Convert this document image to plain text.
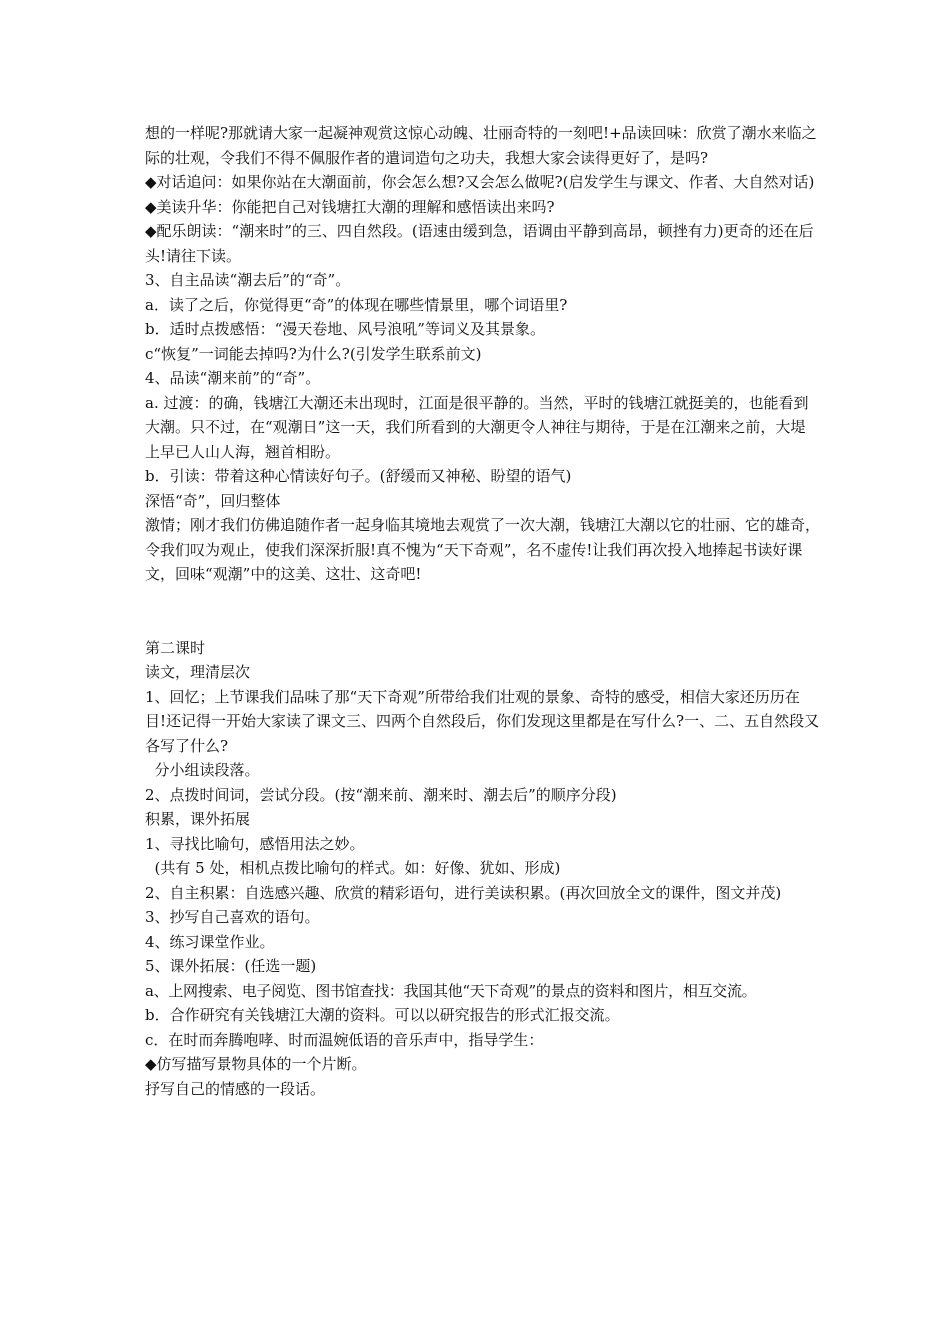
想的一样呢?那就请大家一起凝神观赏这惊心动魄、壮丽奇特的一刻吧!+品读回味：欣赏了潮水来临之际的壮观，令我们不得不佩服作者的遣词造句之功夫，我想大家会读得更好了，是吗?

◆对话追问：如果你站在大潮面前，你会怎么想?又会怎么做呢?(启发学生与课文、作者、大自然对话)

◆美读升华：你能把自己对钱塘扛大潮的理解和感悟读出来吗?

◆配乐朗读：“潮来时”的三、四自然段。(语速由缓到急，语调由平静到高昂，顿挫有力)更奇的还在后头!请往下读。

3、自主品读“潮去后”的“奇”。

a．读了之后，你觉得更“奇”的体现在哪些情景里，哪个词语里?

b．适时点拨感悟：“漫天卷地、风号浪吼”等词义及其景象。

c“恢复”一词能去掉吗?为什么?(引发学生联系前文)

4、品读“潮来前”的“奇”。

a. 过渡：的确，钱塘江大潮还未出现时，江面是很平静的。当然，平时的钱塘江就挺美的，也能看到大潮。只不过，在“观潮日”这一天，我们所看到的大潮更令人神往与期待，于是在江潮来之前，大堤上早已人山人海，翘首相盼。

b．引读：带着这种心情读好句子。(舒缓而又神秘、盼望的语气)

深悟“奇”，回归整体

激情；刚才我们仿佛追随作者一起身临其境地去观赏了一次大潮，钱塘江大潮以它的壮丽、它的雄奇，令我们叹为观止，使我们深深折服!真不愧为“天下奇观”，名不虚传!让我们再次投入地捧起书读好课文，回味“观潮”中的这美、这壮、这奇吧!

第二课时

读文，理清层次

1、回忆；上节课我们品味了那“天下奇观”所带给我们壮观的景象、奇特的感受，相信大家还历历在目!还记得一开始大家读了课文三、四两个自然段后，你们发现这里都是在写什么?一、二、五自然段又各写了什么?

分小组读段落。

2、点拨时间词，尝试分段。(按“潮来前、潮来时、潮去后”的顺序分段)

积累，课外拓展

1、寻找比喻句，感悟用法之妙。

(共有 5 处，相机点拨比喻句的样式。如：好像、犹如、形成)

2、自主积累：自选感兴趣、欣赏的精彩语句，进行美读积累。(再次回放全文的课件，图文并茂)

3、抄写自己喜欢的语句。

4、练习课堂作业。

5、课外拓展：(任选一题)

a、上网搜索、电子阅览、图书馆查找：我国其他“天下奇观”的景点的资料和图片，相互交流。

b．合作研究有关钱塘江大潮的资料。可以以研究报告的形式汇报交流。

c．在时而奔腾咆哮、时而温婉低语的音乐声中，指导学生：

◆仿写描写景物具体的一个片断。

抒写自己的情感的一段话。
